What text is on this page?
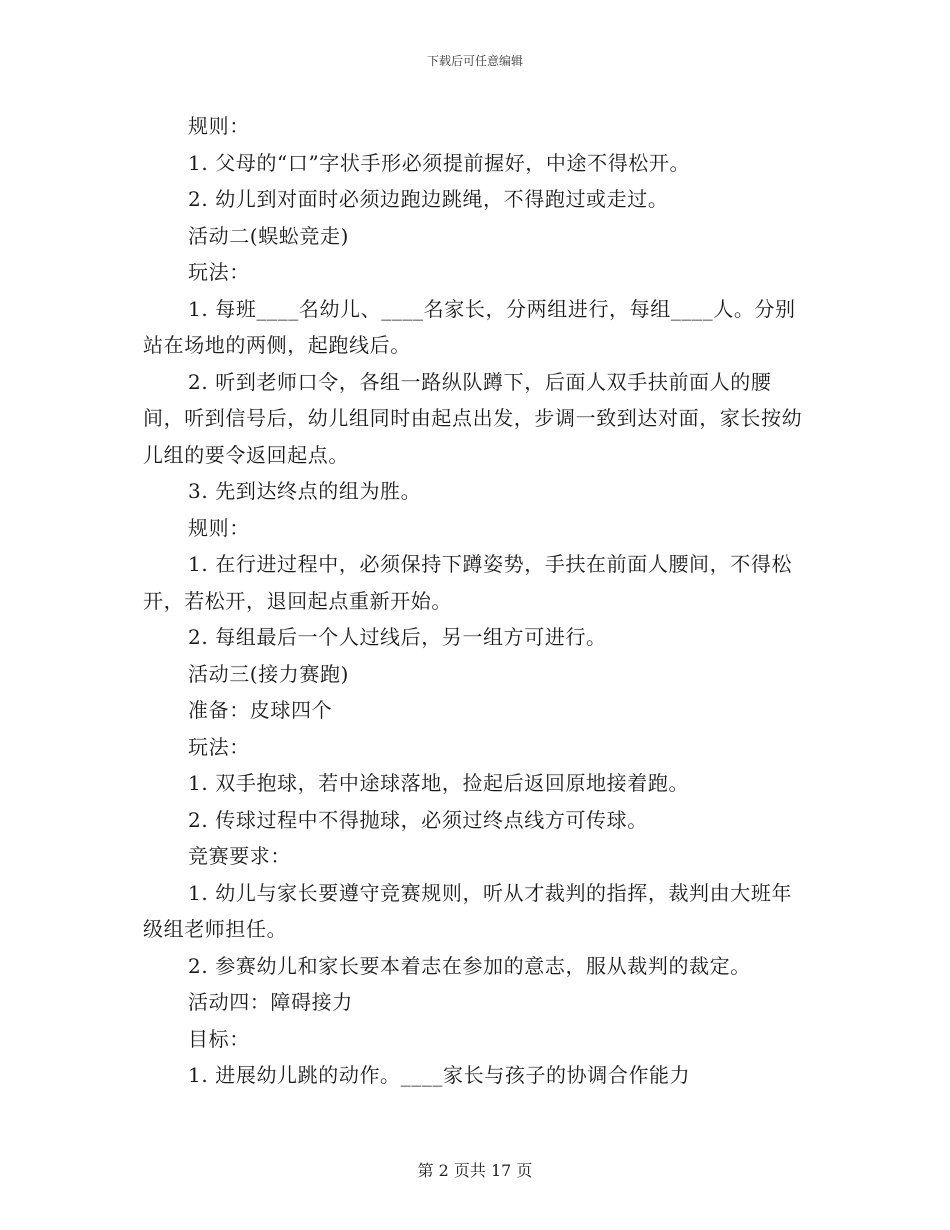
下载后可任意编辑

规则：

1. 父母的“口”字状手形必须提前握好，中途不得松开。

2. 幼儿到对面时必须边跑边跳绳，不得跑过或走过。

活动二(蜈蚣竞走)

玩法：

1. 每班____名幼儿、____名家长，分两组进行，每组____人。分别站在场地的两侧，起跑线后。

2. 听到老师口令，各组一路纵队蹲下，后面人双手扶前面人的腰间，听到信号后，幼儿组同时由起点出发，步调一致到达对面，家长按幼儿组的要令返回起点。

3. 先到达终点的组为胜。

规则：

1. 在行进过程中，必须保持下蹲姿势，手扶在前面人腰间，不得松开，若松开，退回起点重新开始。

2. 每组最后一个人过线后，另一组方可进行。

活动三(接力赛跑)

准备：皮球四个

玩法：

1. 双手抱球，若中途球落地，捡起后返回原地接着跑。

2. 传球过程中不得抛球，必须过终点线方可传球。

竞赛要求：

1. 幼儿与家长要遵守竞赛规则，听从才裁判的指挥，裁判由大班年级组老师担任。

2. 参赛幼儿和家长要本着志在参加的意志，服从裁判的裁定。

活动四：障碍接力

目标：

1. 进展幼儿跳的动作。____家长与孩子的协调合作能力

第 2 页共 17 页
